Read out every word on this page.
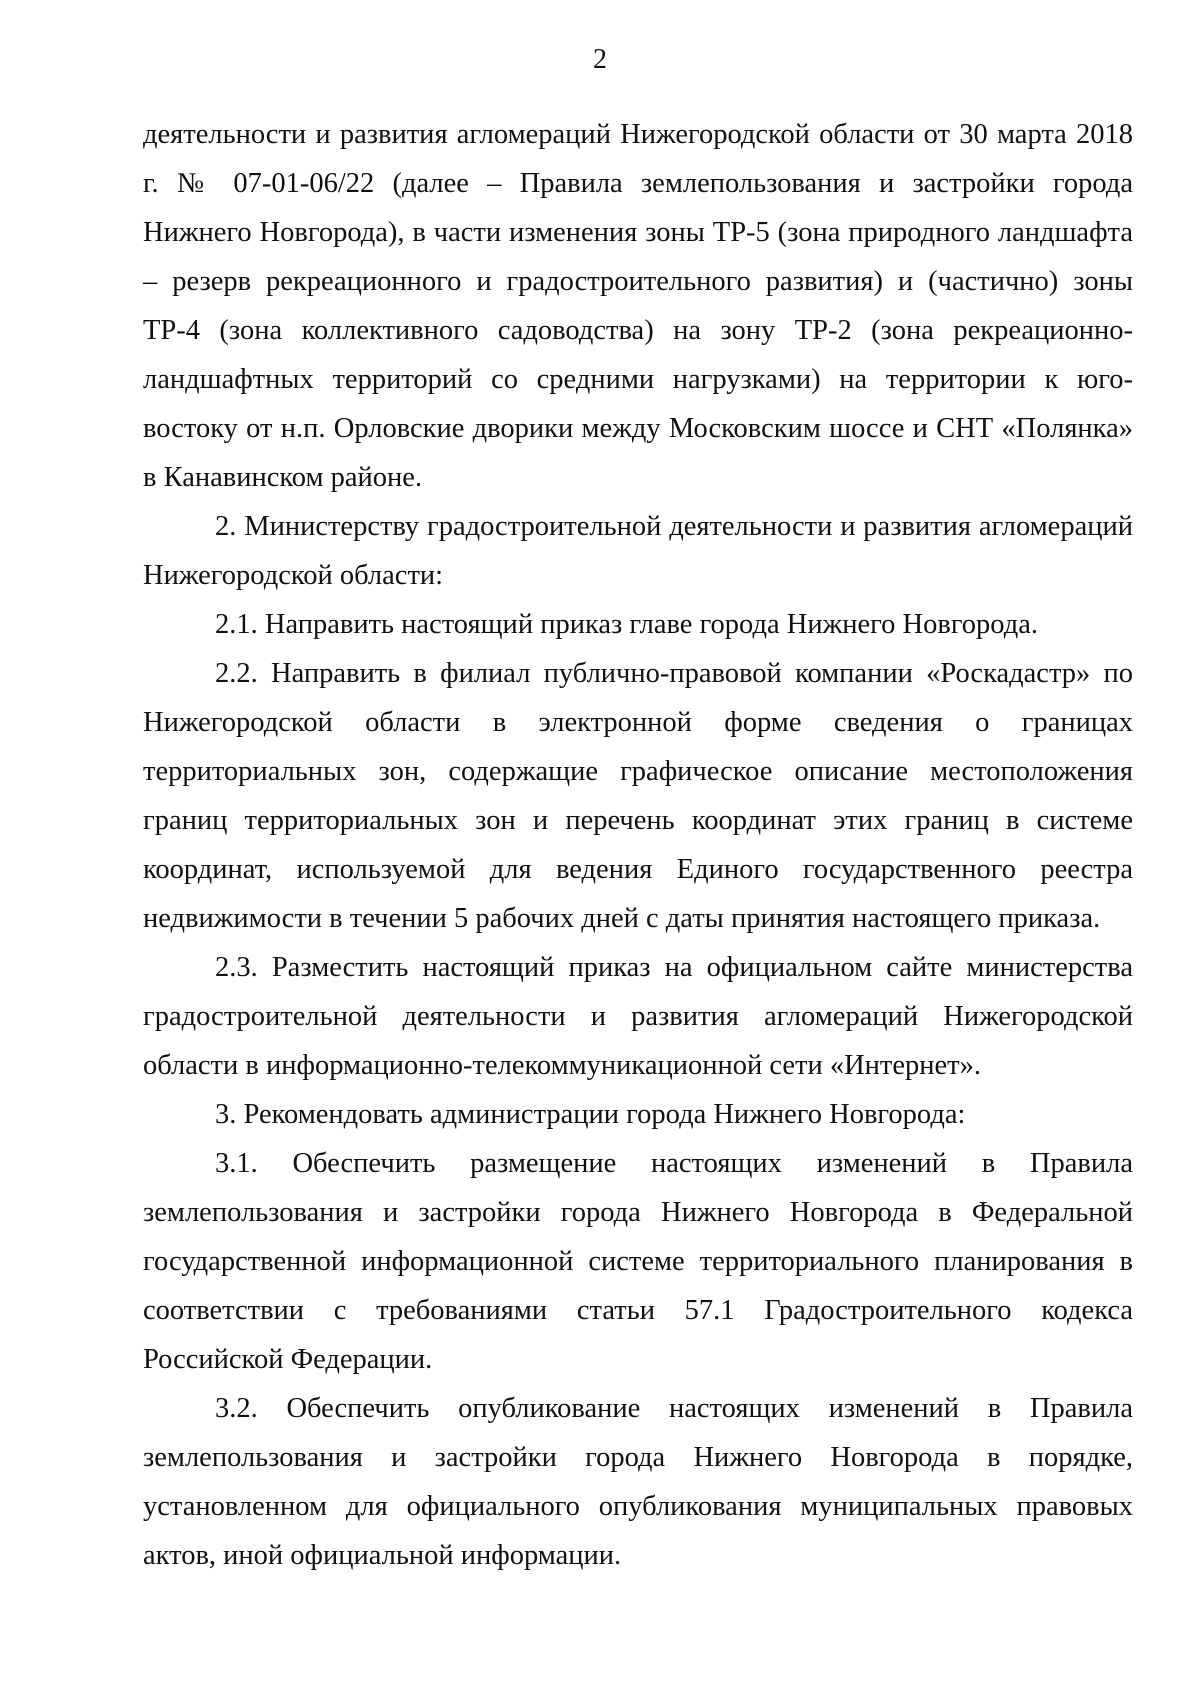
2

деятельности и развития агломераций Нижегородской области от 30 марта 2018 г. № 07-01-06/22 (далее – Правила землепользования и застройки города Нижнего Новгорода), в части изменения зоны ТР-5 (зона природного ландшафта – резерв рекреационного и градостроительного развития) и (частично) зоны ТР-4 (зона коллективного садоводства) на зону ТР-2 (зона рекреационно-ландшафтных территорий со средними нагрузками) на территории к юго-востоку от н.п. Орловские дворики между Московским шоссе и СНТ «Полянка» в Канавинском районе.

2. Министерству градостроительной деятельности и развития агломераций Нижегородской области:

2.1. Направить настоящий приказ главе города Нижнего Новгорода.

2.2. Направить в филиал публично-правовой компании «Роскадастр» по Нижегородской области в электронной форме сведения о границах территориальных зон, содержащие графическое описание местоположения границ территориальных зон и перечень координат этих границ в системе координат, используемой для ведения Единого государственного реестра недвижимости в течении 5 рабочих дней с даты принятия настоящего приказа.

2.3. Разместить настоящий приказ на официальном сайте министерства градостроительной деятельности и развития агломераций Нижегородской области в информационно-телекоммуникационной сети «Интернет».

3. Рекомендовать администрации города Нижнего Новгорода:

3.1. Обеспечить размещение настоящих изменений в Правила землепользования и застройки города Нижнего Новгорода в Федеральной государственной информационной системе территориального планирования в соответствии с требованиями статьи 57.1 Градостроительного кодекса Российской Федерации.

3.2. Обеспечить опубликование настоящих изменений в Правила землепользования и застройки города Нижнего Новгорода в порядке, установленном для официального опубликования муниципальных правовых актов, иной официальной информации.
